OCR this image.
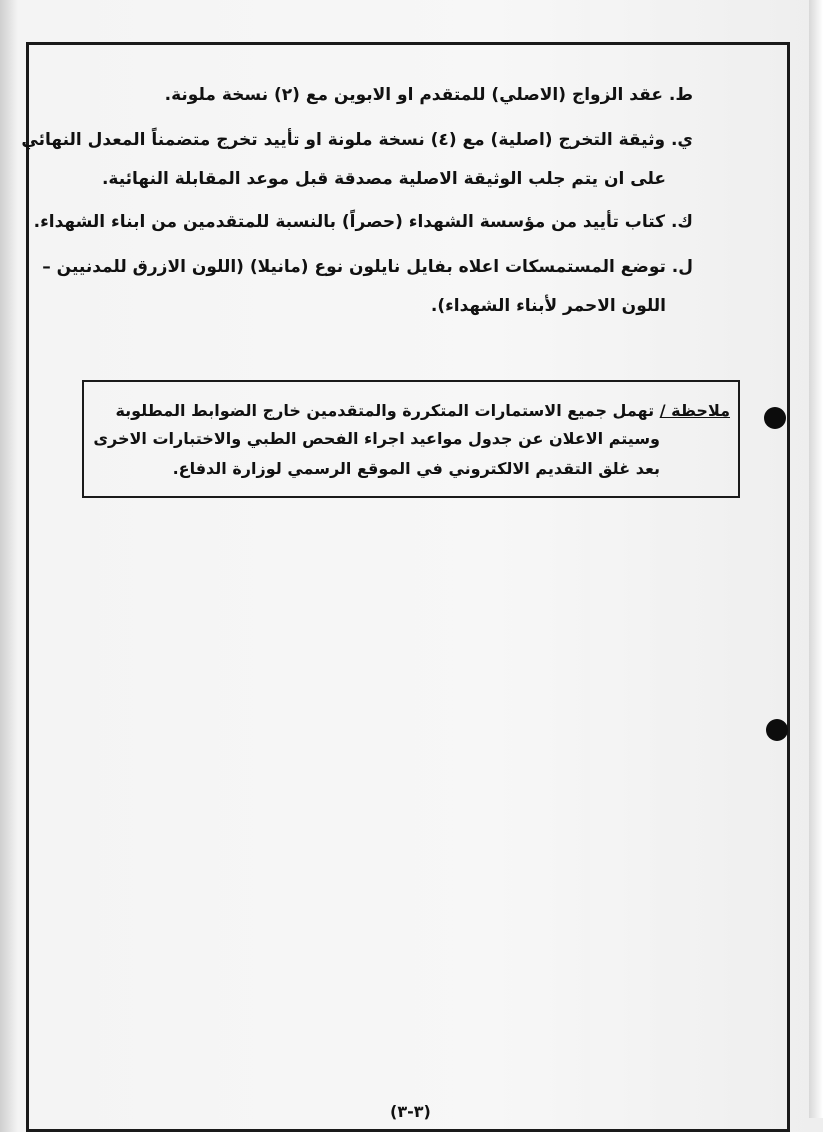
ط. عقد الزواج (الاصلي) للمتقدم او الابوين مع (٢) نسخة ملونة.
ي. وثيقة التخرج (اصلية) مع (٤) نسخة ملونة او تأييد تخرج متضمناً المعدل النهائي
على ان يتم جلب الوثيقة الاصلية مصدقة قبل موعد المقابلة النهائية.
ك. كتاب تأييد من مؤسسة الشهداء (حصراً) بالنسبة للمتقدمين من ابناء الشهداء.
ل. توضع المستمسكات اعلاه بفايل نايلون نوع (مانيلا) (اللون الازرق للمدنيين –
اللون الاحمر لأبناء الشهداء).
ملاحظة / تهمل جميع الاستمارات المتكررة والمتقدمين خارج الضوابط المطلوبة
وسيتم الاعلان عن جدول مواعيد اجراء الفحص الطبي والاختبارات الاخرى
بعد غلق التقديم الالكتروني في الموقع الرسمي لوزارة الدفاع.
(٣-٣)
